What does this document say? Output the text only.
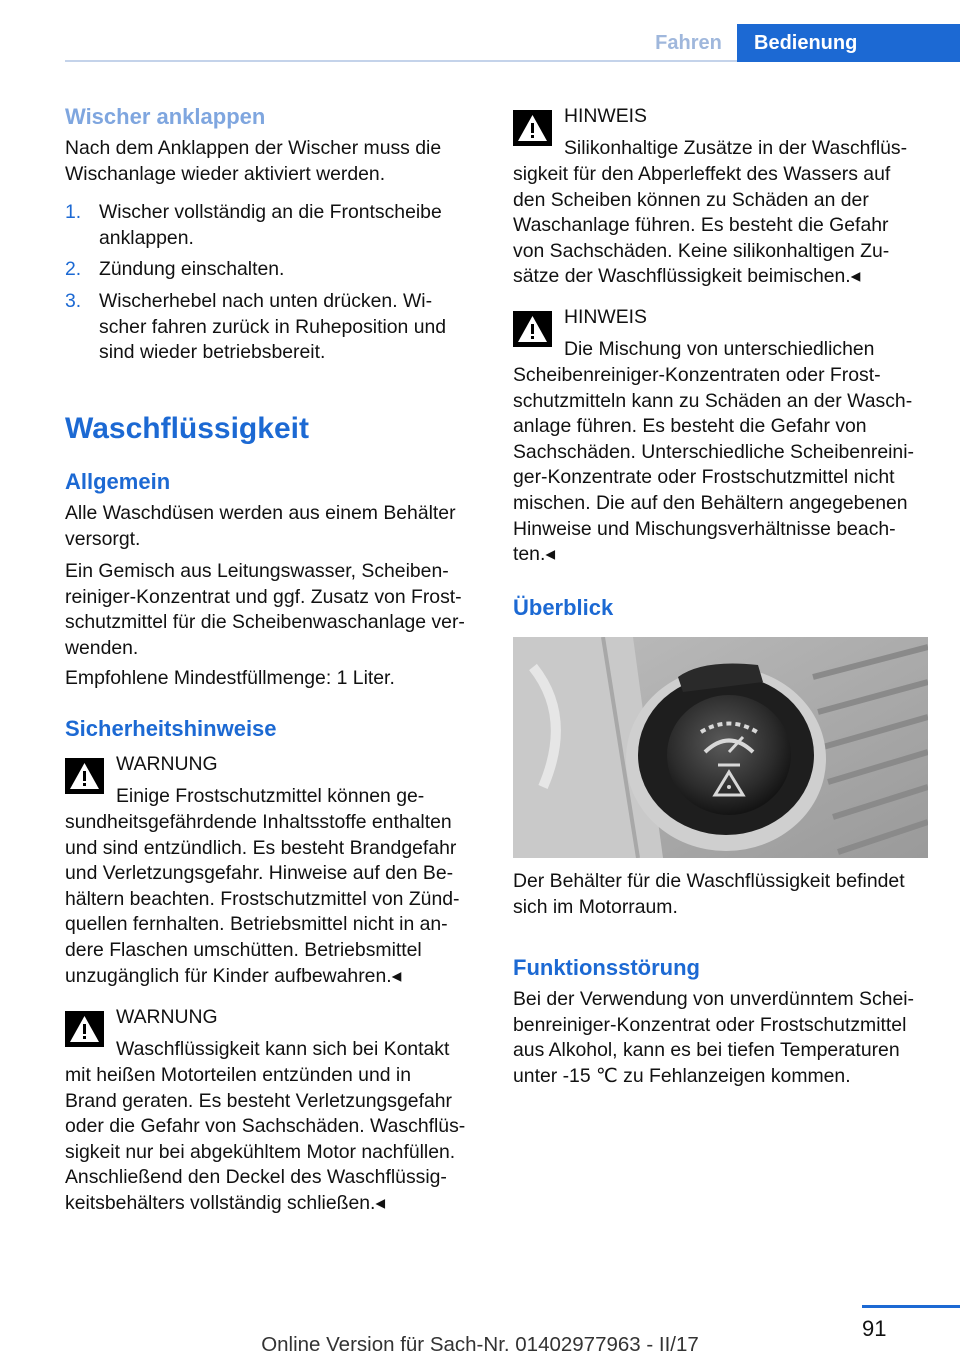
Fahren	Bedienung
Wischer anklappen
Nach dem Anklappen der Wischer muss die
Wischanlage wieder aktiviert werden.
1. Wischer vollständig an die Frontscheibe
anklappen.
2. Zündung einschalten.
3. Wischerhebel nach unten drücken. Wi-
scher fahren zurück in Ruheposition und
sind wieder betriebsbereit.
Waschflüssigkeit
Allgemein
Alle Waschdüsen werden aus einem Behälter
versorgt.
Ein Gemisch aus Leitungswasser, Scheiben-
reiniger-Konzentrat und ggf. Zusatz von Frost-
schutzmittel für die Scheibenwaschanlage ver-
wenden.
Empfohlene Mindestfüllmenge: 1 Liter.
Sicherheitshinweise
WARNUNG
Einige Frostschutzmittel können ge-
sundheitsgefährdende Inhaltsstoffe enthalten
und sind entzündlich. Es besteht Brandgefahr
und Verletzungsgefahr. Hinweise auf den Be-
hältern beachten. Frostschutzmittel von Zünd-
quellen fernhalten. Betriebsmittel nicht in an-
dere Flaschen umschütten. Betriebsmittel
unzugänglich für Kinder aufbewahren.◂
WARNUNG
Waschflüssigkeit kann sich bei Kontakt
mit heißen Motorteilen entzünden und in
Brand geraten. Es besteht Verletzungsgefahr
oder die Gefahr von Sachschäden. Waschflüs-
sigkeit nur bei abgekühltem Motor nachfüllen.
Anschließend den Deckel des Waschflüssig-
keitsbehälters vollständig schließen.◂
HINWEIS
Silikonhaltige Zusätze in der Waschflüs-
sigkeit für den Abperleffekt des Wassers auf
den Scheiben können zu Schäden an der
Waschanlage führen. Es besteht die Gefahr
von Sachschäden. Keine silikonhaltigen Zu-
sätze der Waschflüssigkeit beimischen.◂
HINWEIS
Die Mischung von unterschiedlichen
Scheibenreiniger-Konzentraten oder Frost-
schutzmitteln kann zu Schäden an der Wasch-
anlage führen. Es besteht die Gefahr von
Sachschäden. Unterschiedliche Scheibenreini-
ger-Konzentrate oder Frostschutzmittel nicht
mischen. Die auf den Behältern angegebenen
Hinweise und Mischungsverhältnisse beach-
ten.◂
Überblick
Der Behälter für die Waschflüssigkeit befindet
sich im Motorraum.
Funktionsstörung
Bei der Verwendung von unverdünntem Schei-
benreiniger-Konzentrat oder Frostschutzmittel
aus Alkohol, kann es bei tiefen Temperaturen
unter -15 ℃ zu Fehlanzeigen kommen.
91
Online Version für Sach-Nr. 01402977963 - II/17
